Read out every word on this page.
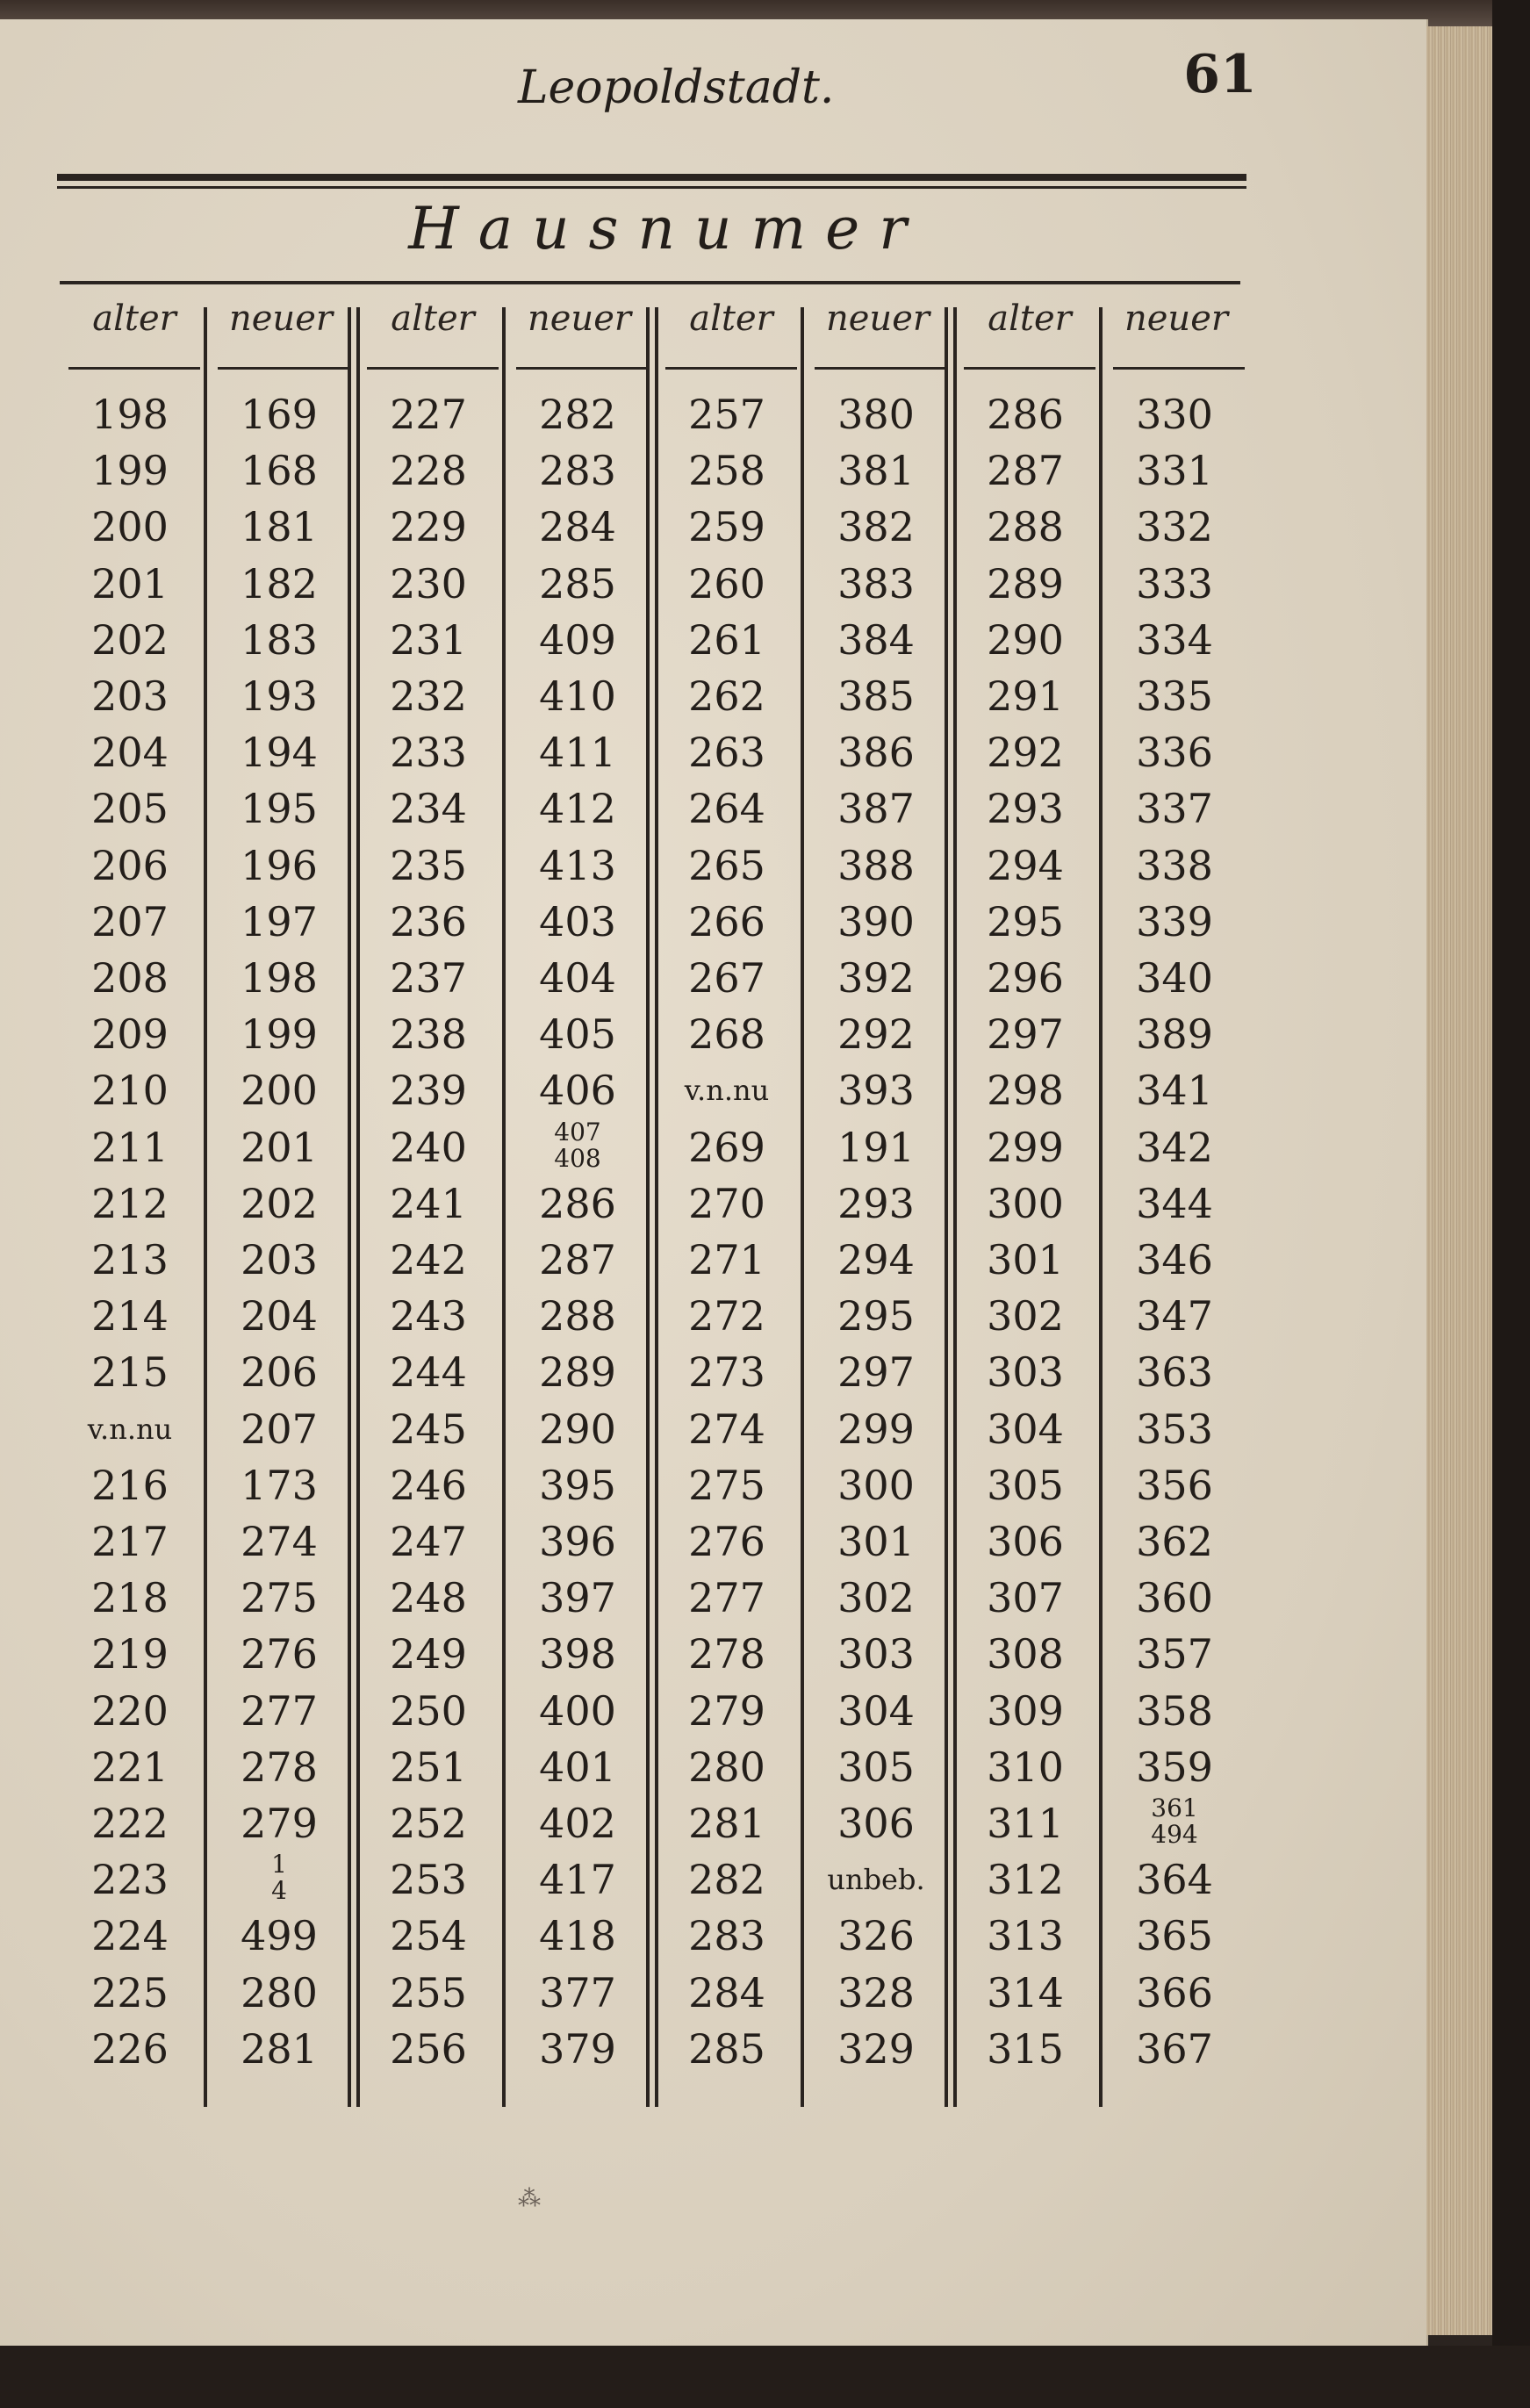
Leopoldstadt.	61
Hausnumer
alter	neuer
198	169
199	168
200	181
201	182
202	183
203	193
204	194
205	195
206	196
207	197
208	198
209	199
210	200
211	201
212	202
213	203
214	204
215	206
v.n.nu	207
216	173
217	274
218	275
219	276
220	277
221	278
222	279
223	1
4
224	499
225	280
226	281
alter	neuer
227	282
228	283
229	284
230	285
231	409
232	410
233	411
234	412
235	413
236	403
237	404
238	405
239	406
240	407
408
241	286
242	287
243	288
244	289
245	290
246	395
247	396
248	397
249	398
250	400
251	401
252	402
253	417
254	418
255	377
256	379
alter	neuer
257	380
258	381
259	382
260	383
261	384
262	385
263	386
264	387
265	388
266	390
267	392
268	292
v.n.nu	393
269	191
270	293
271	294
272	295
273	297
274	299
275	300
276	301
277	302
278	303
279	304
280	305
281	306
282	unbeb.
283	326
284	328
285	329
alter	neuer
286	330
287	331
288	332
289	333
290	334
291	335
292	336
293	337
294	338
295	339
296	340
297	389
298	341
299	342
300	344
301	346
302	347
303	363
304	353
305	356
306	362
307	360
308	357
309	358
310	359
311	361
494
312	364
313	365
314	366
315	367
⁂
